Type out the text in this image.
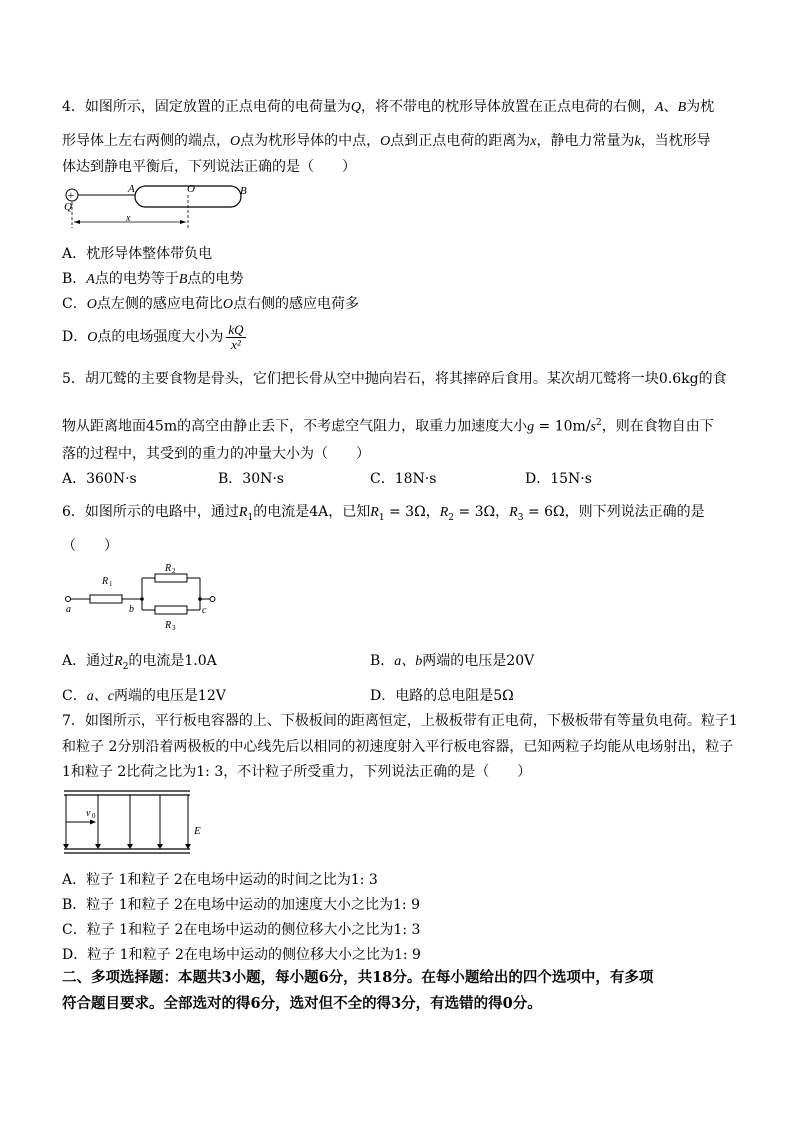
4．如图所示，固定放置的正点电荷的电荷量为Q，将不带电的枕形导体放置在正点电荷的右侧，A、B为枕
形导体上左右两侧的端点，O点为枕形导体的中点，O点到正点电荷的距离为x，静电力常量为k，当枕形导
体达到静电平衡后，下列说法正确的是（　　）
+
Q
A	O	B
x
A．枕形导体整体带负电
B．A点的电势等于B点的电势
C．O点左侧的感应电荷比O点右侧的感应电荷多
D．O点的电场强度大小为 $\frac{kQ}{\text{x²}}$
5．胡兀鹫的主要食物是骨头，它们把长骨从空中抛向岩石，将其摔碎后食用。某次胡兀鹫将一块0.6kg的食
物从距离地面45m的高空由静止丢下，不考虑空气阻力，取重力加速度大小$g = 10m/s^2$，则在食物自由下
落的过程中，其受到的重力的冲量大小为（　　）
A．360N·s	B．30N·s	C．18N·s	D．15N·s
6．如图所示的电路中，通过$R_1$的电流是4A，已知$R_1 = 3\Omega$，$R_2 = 3\Omega$，$R_3 = 6\Omega$，则下列说法正确的是
（　　）
a
R 1
b
R 2
R 3
c
A．通过$R_2$的电流是1.0A	B．a、b两端的电压是20V
C．a、c两端的电压是12V	D．电路的总电阻是5Ω
7．如图所示，平行板电容器的上、下极板间的距离恒定，上极板带有正电荷，下极板带有等量负电荷。粒子1
和粒子 2分别沿着两极板的中心线先后以相同的初速度射入平行板电容器，已知两粒子均能从电场射出，粒子
1和粒子 2比荷之比为1: 3，不计粒子所受重力，下列说法正确的是（　　）
v 0
E
A．粒子 1和粒子 2在电场中运动的时间之比为1: 3
B．粒子 1和粒子 2在电场中运动的加速度大小之比为1: 9
C．粒子 1和粒子 2在电场中运动的侧位移大小之比为1: 3
D．粒子 1和粒子 2在电场中运动的侧位移大小之比为1: 9
二、多项选择题：本题共3小题，每小题6分，共18分。在每小题给出的四个选项中，有多项
符合题目要求。全部选对的得6分，选对但不全的得3分，有选错的得0分。
